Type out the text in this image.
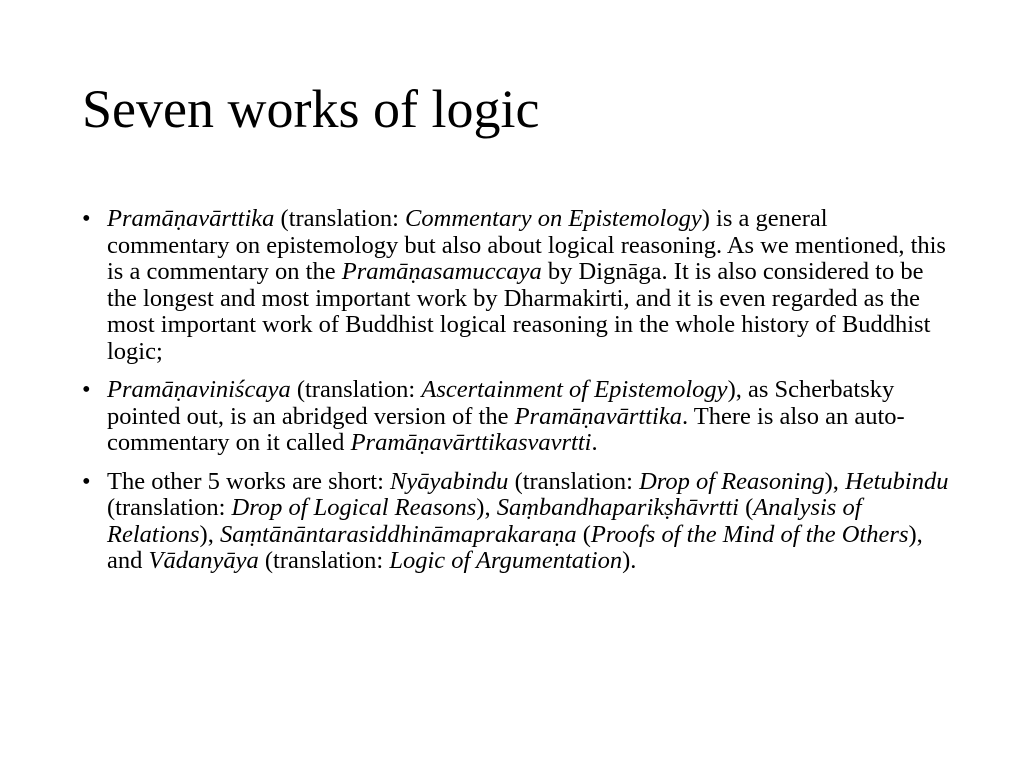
Seven works of logic
• Pramāṇavārttika (translation: Commentary on Epistemology) is a general commentary on epistemology but also about logical reasoning. As we mentioned, this is a commentary on the Pramāṇasamuccaya by Dignāga. It is also considered to be the longest and most important work by Dharmakirti, and it is even regarded as the most important work of Buddhist logical reasoning in the whole history of Buddhist logic;
• Pramāṇaviniścaya (translation: Ascertainment of Epistemology), as Scherbatsky pointed out, is an abridged version of the Pramāṇavārttika. There is also an auto-commentary on it called Pramāṇavārttikasvavrtti.
• The other 5 works are short: Nyāyabindu (translation: Drop of Reasoning), Hetubindu (translation: Drop of Logical Reasons), Saṃbandhaparikṣhāvrtti (Analysis of Relations), Saṃtānāntarasiddhināmaprakaraṇa (Proofs of the Mind of the Others), and Vādanyāya (translation: Logic of Argumentation).
